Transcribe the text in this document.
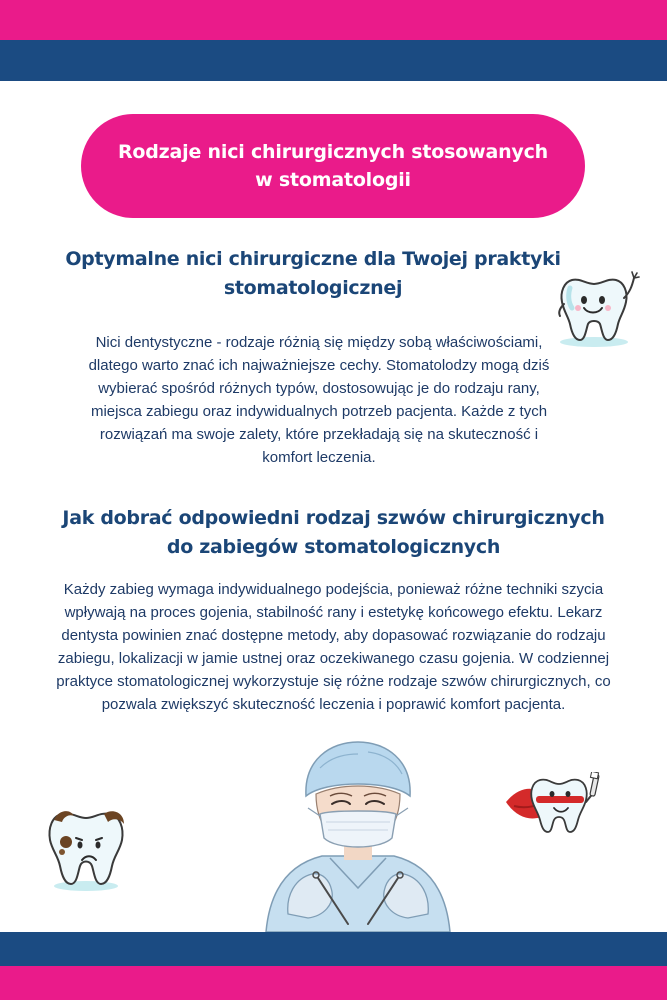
Rodzaje nici chirurgicznych stosowanych w stomatologii
Optymalne nici chirurgiczne dla Twojej praktyki stomatologicznej
Nici dentystyczne - rodzaje różnią się między sobą właściwościami, dlatego warto znać ich najważniejsze cechy. Stomatolodzy mogą dziś wybierać spośród różnych typów, dostosowując je do rodzaju rany, miejsca zabiegu oraz indywidualnych potrzeb pacjenta. Każde z tych rozwiązań ma swoje zalety, które przekładają się na skuteczność i komfort leczenia.
Jak dobrać odpowiedni rodzaj szwów chirurgicznych do zabiegów stomatologicznych
Każdy zabieg wymaga indywidualnego podejścia, ponieważ różne techniki szycia wpływają na proces gojenia, stabilność rany i estetykę końcowego efektu. Lekarz dentysta powinien znać dostępne metody, aby dopasować rozwiązanie do rodzaju zabiegu, lokalizacji w jamie ustnej oraz oczekiwanego czasu gojenia. W codziennej praktyce stomatologicznej wykorzystuje się różne rodzaje szwów chirurgicznych, co pozwala zwiększyć skuteczność leczenia i poprawić komfort pacjenta.
